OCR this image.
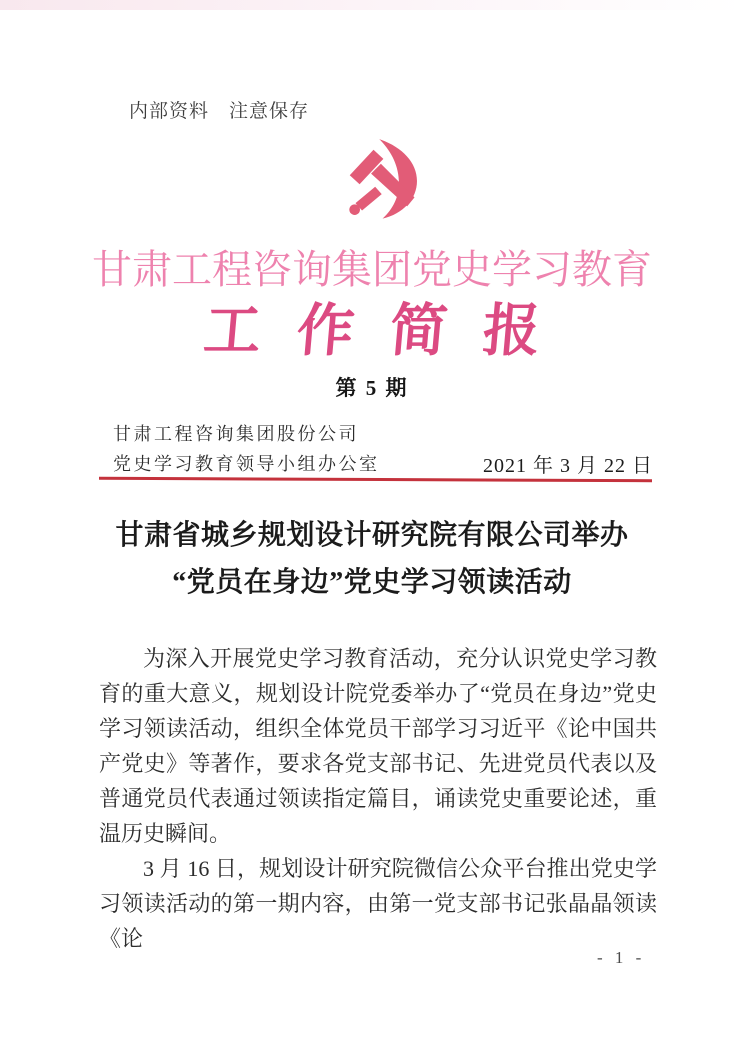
内部资料　注意保存
甘肃工程咨询集团党史学习教育
工作简报
第 5 期
甘肃工程咨询集团股份公司
党史学习教育领导小组办公室	2021 年 3 月 22 日
甘肃省城乡规划设计研究院有限公司举办
“党员在身边”党史学习领读活动

为深入开展党史学习教育活动，充分认识党史学习教育的重大意义，规划设计院党委举办了“党员在身边”党史学习领读活动，组织全体党员干部学习习近平《论中国共产党史》等著作，要求各党支部书记、先进党员代表以及普通党员代表通过领读指定篇目，诵读党史重要论述，重温历史瞬间。

3 月 16 日，规划设计研究院微信公众平台推出党史学习领读活动的第一期内容，由第一党支部书记张晶晶领读《论

- 1 -
